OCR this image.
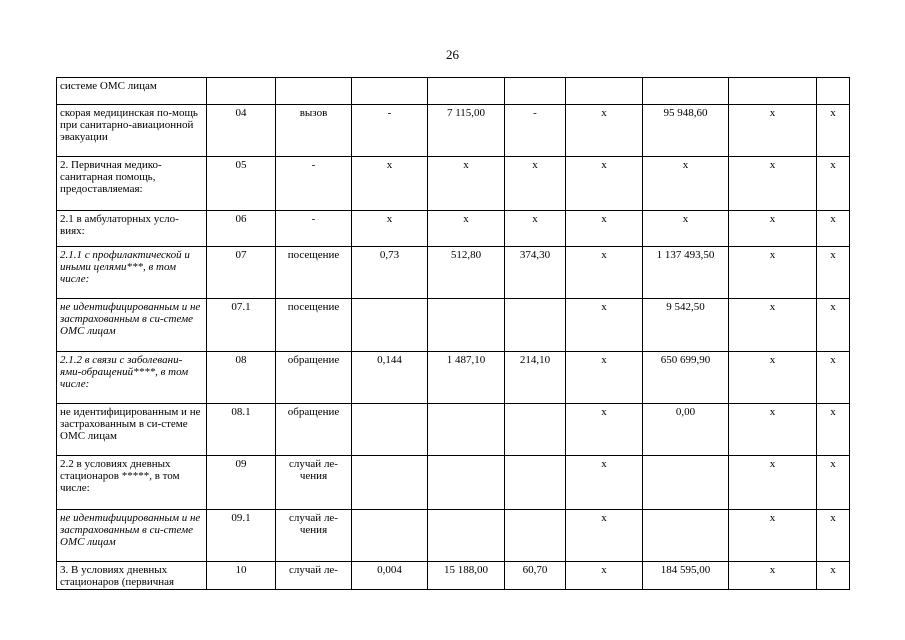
26
системе ОМС лицам									
скорая медицинская по-мощь при санитарно-авиационной эвакуации	04	вызов	-	7 115,00	-	x	95 948,60	x	x
2. Первичная медико-санитарная помощь, предоставляемая:	05	-	x	x	x	x	x	x	x
2.1 в амбулаторных усло-виях:	06	-	x	x	x	x	x	x	x
2.1.1 с профилактической и иными целями***, в том числе:	07	посещение	0,73	512,80	374,30	x	1 137 493,50	x	x
не идентифицированным и не застрахованным в си-стеме ОМС лицам	07.1	посещение				x	9 542,50	x	x
2.1.2 в связи с заболевани-ями-обращений****, в том числе:	08	обращение	0,144	1 487,10	214,10	x	650 699,90	x	x
не идентифицированным и не застрахованным в си-стеме ОМС лицам	08.1	обращение				x	0,00	x	x
2.2 в условиях дневных стационаров *****, в том числе:	09	случай ле-чения				x		x	x
не идентифицированным и не застрахованным в си-стеме ОМС лицам	09.1	случай ле-чения				x		x	x
3. В условиях дневных стационаров (первичная	10	случай ле-	0,004	15 188,00	60,70	x	184 595,00	x	x
